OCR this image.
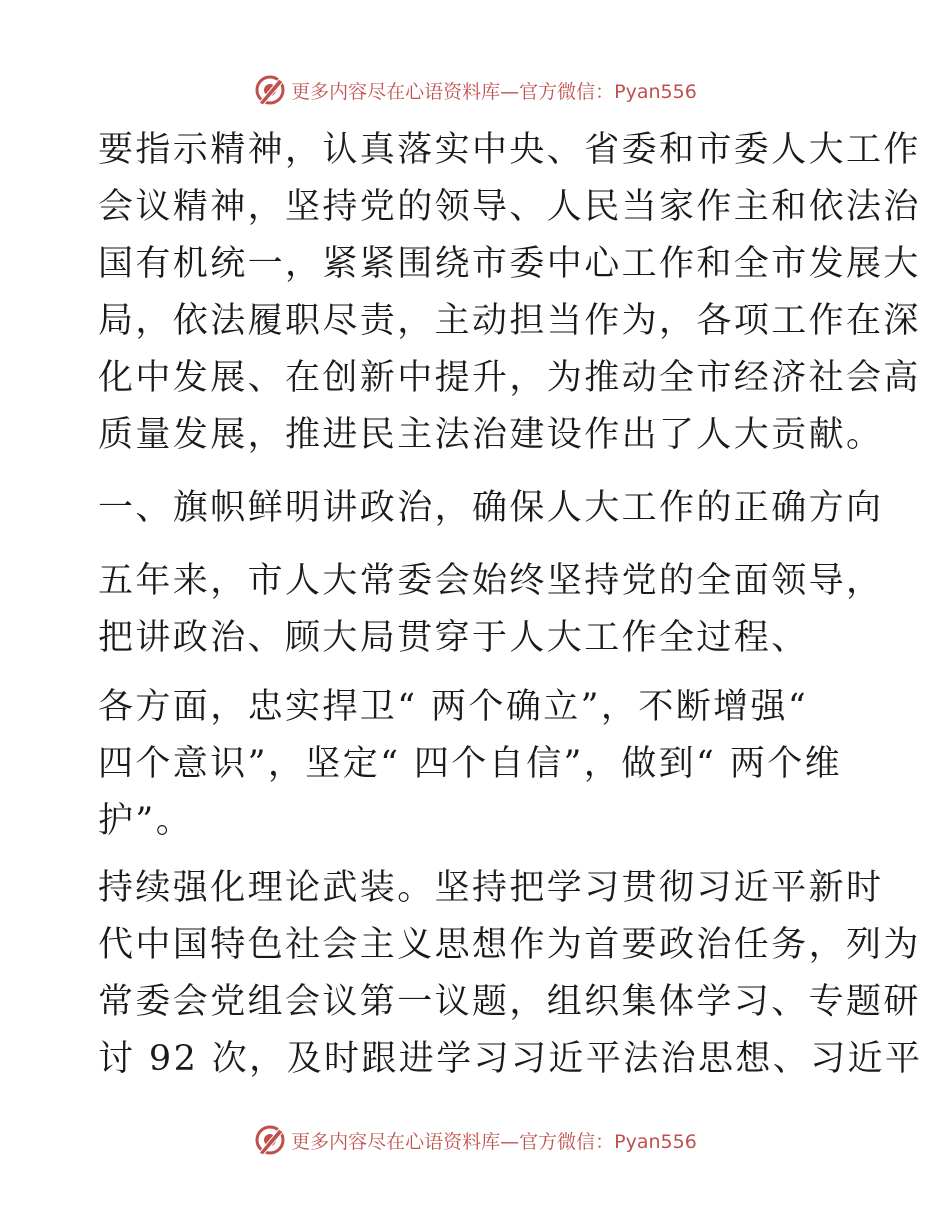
更多内容尽在心语资料库—官方微信：Pyan556

要指示精神，认真落实中央、省委和市委人大工作

会议精神，坚持党的领导、人民当家作主和依法治

国有机统一，紧紧围绕市委中心工作和全市发展大

局，依法履职尽责，主动担当作为，各项工作在深

化中发展、在创新中提升，为推动全市经济社会高

质量发展，推进民主法治建设作出了人大贡献。

一、旗帜鲜明讲政治，确保人大工作的正确方向

五年来，市人大常委会始终坚持党的全面领导，

把讲政治、顾大局贯穿于人大工作全过程、

各方面，忠实捍卫“ 两个确立”，不断增强“

四个意识”，坚定“ 四个自信”，做到“ 两个维

护”。

持续强化理论武装。坚持把学习贯彻习近平新时

代中国特色社会主义思想作为首要政治任务，列为

常委会党组会议第一议题，组织集体学习、专题研

讨 92 次，及时跟进学习习近平法治思想、习近平

更多内容尽在心语资料库—官方微信：Pyan556
